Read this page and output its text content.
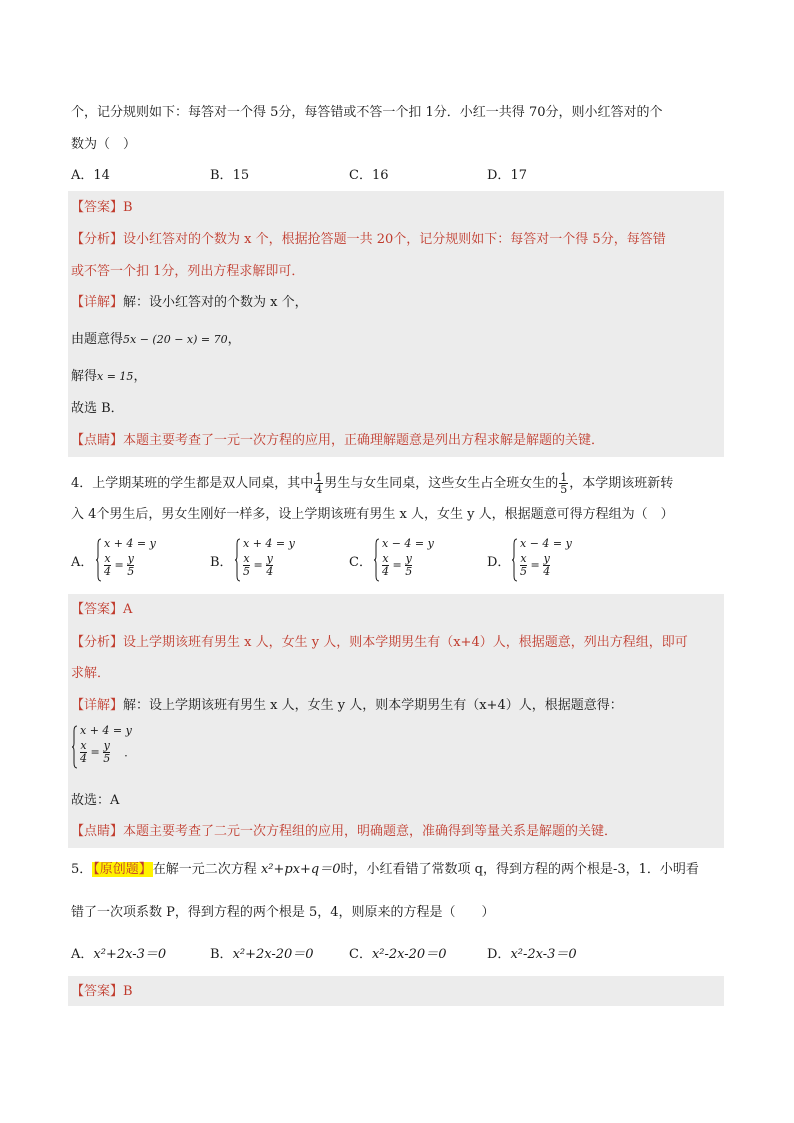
个，记分规则如下：每答对一个得 5分，每答错或不答一个扣 1分．小红一共得 70分，则小红答对的个
数为（　）
A．14	B．15	C．16	D．17
【答案】B
【分析】设小红答对的个数为 x 个，根据抢答题一共 20个，记分规则如下：每答对一个得 5分，每答错
或不答一个扣 1分，列出方程求解即可．
【详解】解：设小红答对的个数为 x 个，
由题意得5x − (20 − x) = 70，
解得x = 15，
故选 B．
【点睛】本题主要考查了一元一次方程的应用，正确理解题意是列出方程求解是解题的关键．
4．上学期某班的学生都是双人同桌，其中 $\frac{1}{4}$ 男生与女生同桌，这些女生占全班女生的 $\frac{1}{5}$ ，本学期该班新转
入 4个男生后，男女生刚好一样多，设上学期该班有男生 x 人，女生 y 人，根据题意可得方程组为（　）
A．
x + 4 = y
$\frac{x}{4} = \frac{y}{5}$	B．
x + 4 = y
$\frac{x}{5} = \frac{y}{4}$	C．
x − 4 = y
$\frac{x}{4} = \frac{y}{5}$	D．
x − 4 = y
$\frac{x}{5} = \frac{y}{4}$
【答案】A
【分析】设上学期该班有男生 x 人，女生 y 人，则本学期男生有（x+4）人，根据题意，列出方程组，即可
求解．
【详解】解：设上学期该班有男生 x 人，女生 y 人，则本学期男生有（x+4）人，根据题意得：
x + 4 = y
$\frac{x}{4} = \frac{y}{5}$ ．
故选：A
【点睛】本题主要考查了二元一次方程组的应用，明确题意，准确得到等量关系是解题的关键．
5．【原创题】在解一元二次方程 x²+px+q＝0时，小红看错了常数项 q，得到方程的两个根是-3，1．小明看
错了一次项系数 P，得到方程的两个根是 5，4，则原来的方程是（　　）
A．x²+2x-3＝0	B．x²+2x-20＝0	C．x²-2x-20＝0	D．x²-2x-3＝0
【答案】B
